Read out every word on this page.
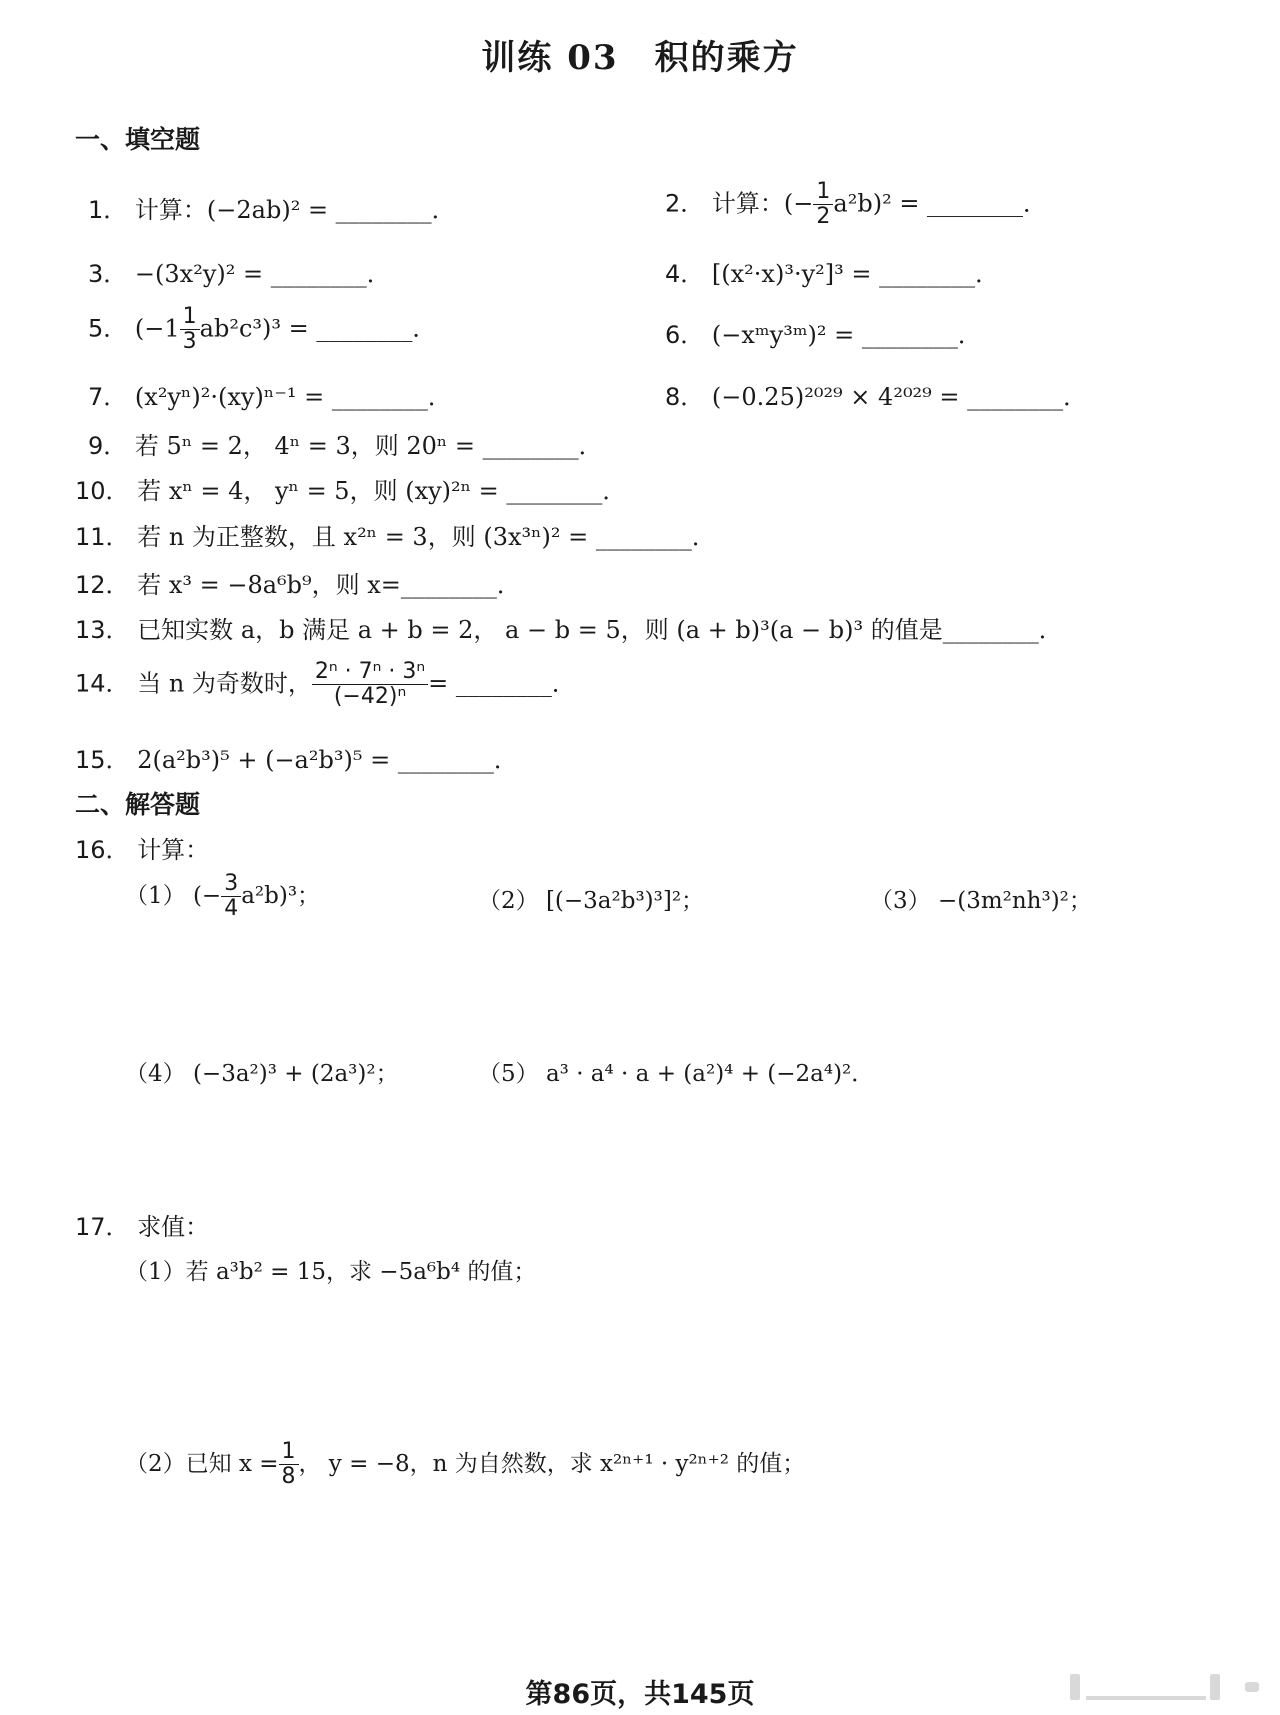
训练 03　积的乘方
一、填空题
1． 计算：(−2ab)² = ________．	2． 计算：(− $\frac{1}{2} a^2b)^2$ = ________．
3． −(3x²y)² = ________．	4． [(x²·x)³·y²]³ = ________．
5． $(-1 \frac{1}{3} ab^2c^3)^3$ = ________．	6． (−xᵐy³ᵐ)² = ________．
7． (x²yⁿ)²·(xy)ⁿ⁻¹ = ________．	8． (−0.25)²⁰²⁹ × 4²⁰²⁹ = ________．
9． 若 5ⁿ = 2， 4ⁿ = 3，则 20ⁿ = ________．
10． 若 xⁿ = 4， yⁿ = 5，则 (xy)²ⁿ = ________．
11． 若 n 为正整数，且 x²ⁿ = 3，则 (3x³ⁿ)² = ________．
12． 若 x³ = −8a⁶b⁹，则 x=________．
13． 已知实数 a，b 满足 a + b = 2， a − b = 5，则 (a + b)³(a − b)³ 的值是________．
14． 当 n 为奇数时， $\frac{\text{2ⁿ · 7ⁿ · 3ⁿ}}{\text{(−42)ⁿ}}$ = ________．
15． 2(a²b³)⁵ + (−a²b³)⁵ = ________．
二、解答题
16． 计算：
（1） (− $\frac{3}{4} a^2b)^3$；	（2） [(−3a²b³)³]²；	（3） −(3m²nh³)²；
（4） (−3a²)³ + (2a³)²；	（5） a³ · a⁴ · a + (a²)⁴ + (−2a⁴)²．
17． 求值：
（1）若 a³b² = 15，求 −5a⁶b⁴ 的值；
（2）已知 $x = \frac{1}{8}$ ， y = −8，n 为自然数，求 x²ⁿ⁺¹ · y²ⁿ⁺² 的值；
第86页，共145页
